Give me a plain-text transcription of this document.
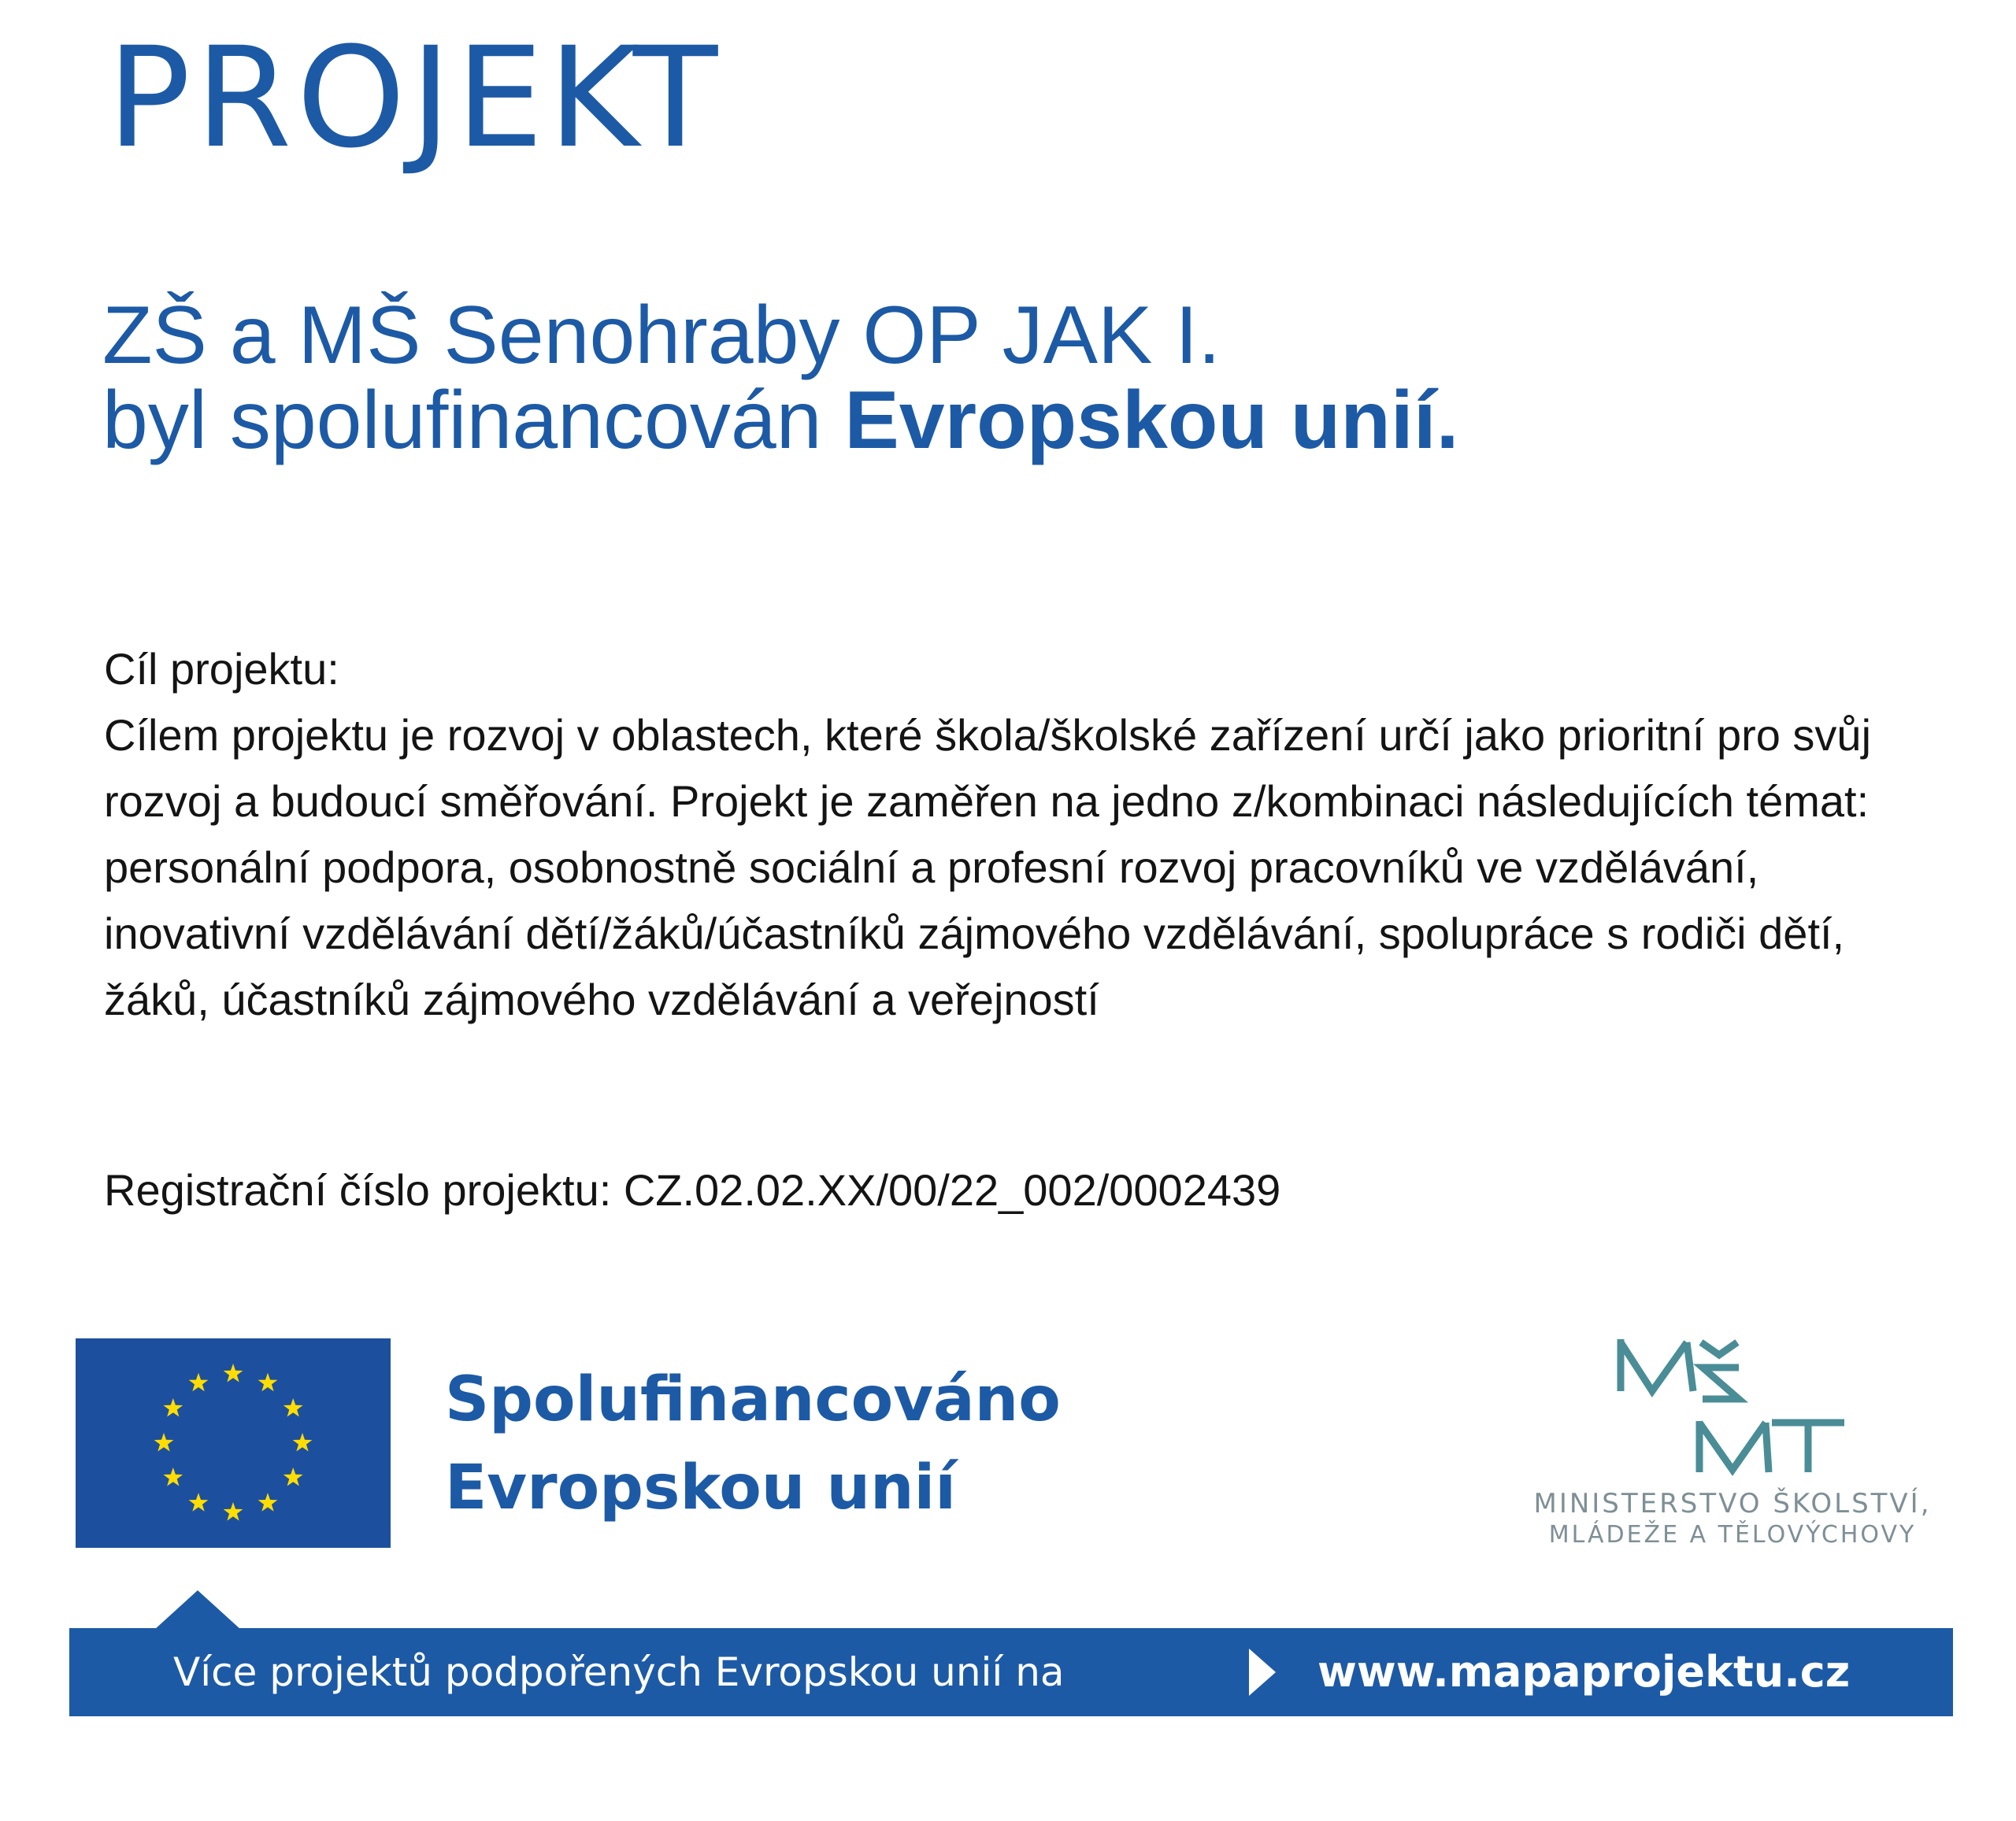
PROJEKT
ZŠ a MŠ Senohraby OP JAK I.
byl spolufinancován Evropskou unií.
Cíl projektu:
Cílem projektu je rozvoj v oblastech, které škola/školské zařízení určí jako prioritní pro svůj rozvoj a budoucí směřování. Projekt je zaměřen na jedno z/kombinaci následujících témat: personální podpora, osobnostně sociální a profesní rozvoj pracovníků ve vzdělávání, inovativní vzdělávání dětí/žáků/účastníků zájmového vzdělávání, spolupráce s rodiči dětí, žáků, účastníků zájmového vzdělávání a veřejností
Registrační číslo projektu: CZ.02.02.XX/00/22_002/0002439
Spolufinancováno
Evropskou unií	MINISTERSTVO ŠKOLSTVÍ,
MLÁDEŽE A TĚLOVÝCHOVY
Více projektů podpořených Evropskou unií na	www.mapaprojektu.cz
